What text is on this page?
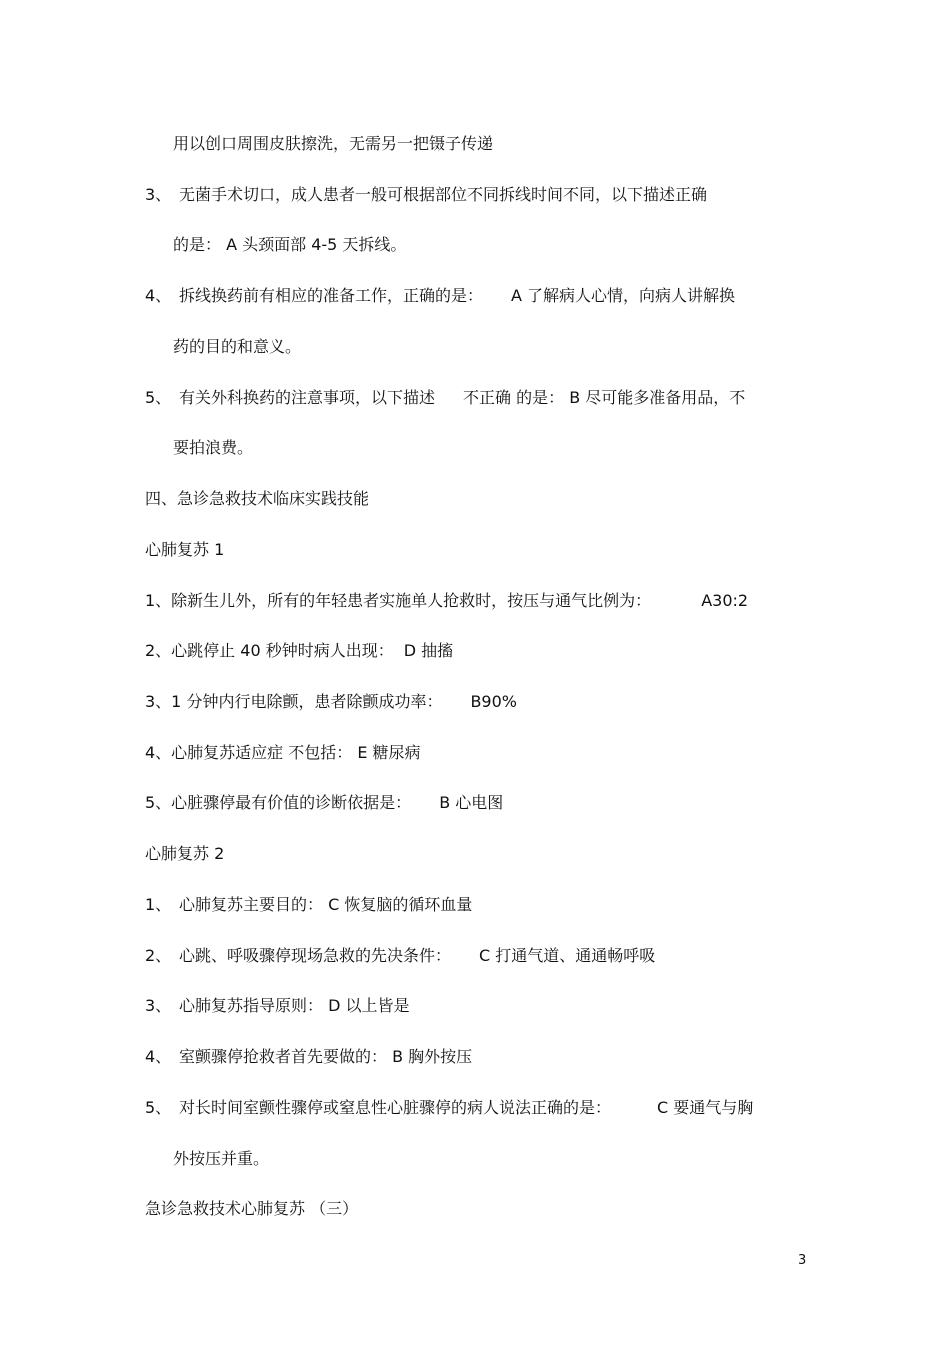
用以创口周围皮肤擦洗，无需另一把镊子传递
3、 无菌手术切口，成人患者一般可根据部位不同拆线时间不同，以下描述正确
的是： A 头颈面部 4-5 天拆线。
4、 拆线换药前有相应的准备工作，正确的是： A 了解病人心情，向病人讲解换
药的目的和意义。
5、 有关外科换药的注意事项，以下描述 不正确 的是： B 尽可能多准备用品，不
要拍浪费。
四、急诊急救技术临床实践技能
心肺复苏 1
1、除新生儿外，所有的年轻患者实施单人抢救时，按压与通气比例为：	A30:2
2、心跳停止 40 秒钟时病人出现： D 抽搐
3、1 分钟内行电除颤，患者除颤成功率： B90%
4、心肺复苏适应症 不包括： E 糖尿病
5、心脏骤停最有价值的诊断依据是： B 心电图
心肺复苏 2
1、 心肺复苏主要目的： C 恢复脑的循环血量
2、 心跳、呼吸骤停现场急救的先决条件： C 打通气道、通通畅呼吸
3、 心肺复苏指导原则： D 以上皆是
4、 室颤骤停抢救者首先要做的： B 胸外按压
5、 对长时间室颤性骤停或窒息性心脏骤停的病人说法正确的是：	C 要通气与胸
外按压并重。
急诊急救技术心肺复苏 （三）
3
